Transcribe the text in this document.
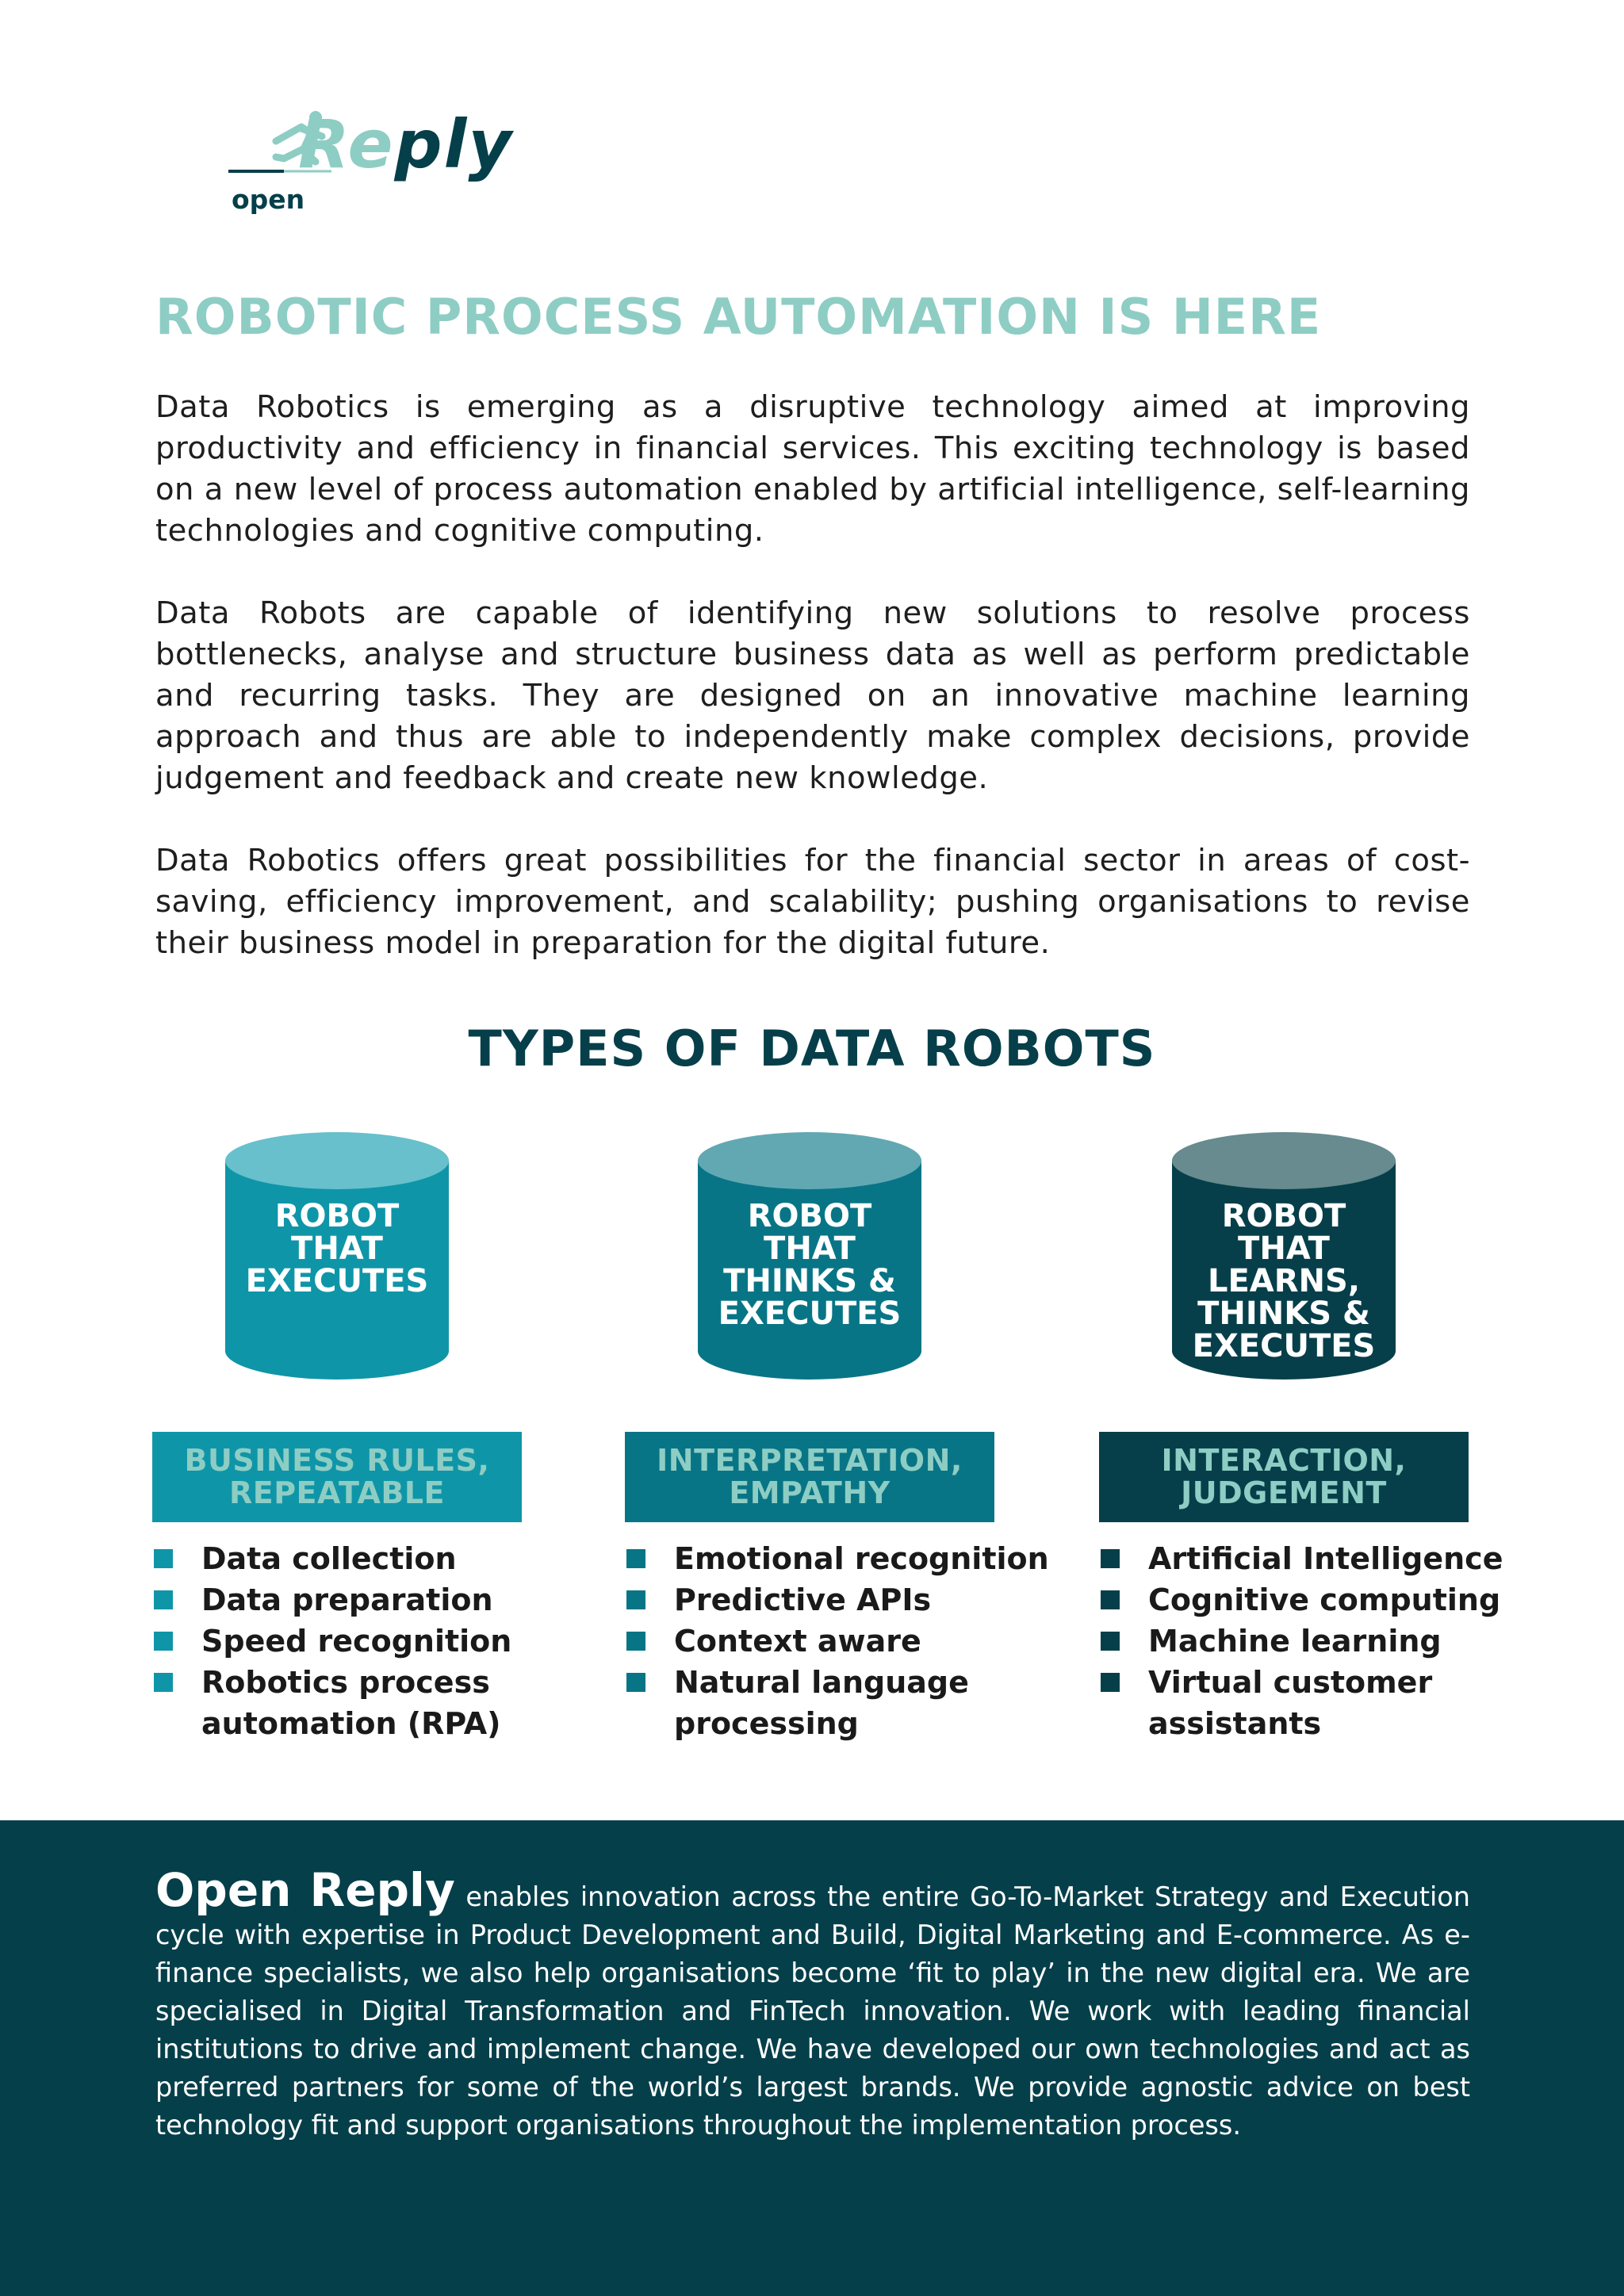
Reply
open
ROBOTIC PROCESS AUTOMATION IS HERE

Data Robotics is emerging as a disruptive technology aimed at improving productivity and efficiency in financial services. This exciting technology is based on a new level of process automation enabled by artificial intelligence, self-learning technologies and cognitive computing.

Data Robots are capable of identifying new solutions to resolve process bottlenecks, analyse and structure business data as well as perform predictable and recurring tasks. They are designed on an innovative machine learning approach and thus are able to independently make complex decisions, provide judgement and feedback and create new knowledge.

Data Robotics offers great possibilities for the financial sector in areas of cost-saving, efficiency improvement, and scalability; pushing organisations to revise their business model in preparation for the digital future.

TYPES OF DATA ROBOTS
ROBOT
THAT
EXECUTES
BUSINESS RULES,
REPEATABLE
Data collection
Data preparation
Speed recognition
Robotics process
automation (RPA)
ROBOT
THAT
THINKS &
EXECUTES
INTERPRETATION,
EMPATHY
Emotional recognition
Predictive APIs
Context aware
Natural language
processing
ROBOT
THAT
LEARNS,
THINKS &
EXECUTES
INTERACTION,
JUDGEMENT
Artificial Intelligence
Cognitive computing
Machine learning
Virtual customer
assistants

Open Reply enables innovation across the entire Go-To-Market Strategy and Execution cycle with expertise in Product Development and Build, Digital Marketing and E-commerce. As e-finance specialists, we also help organisations become ‘fit to play’ in the new digital era. We are specialised in Digital Transformation and FinTech innovation. We work with leading financial institutions to drive and implement change. We have developed our own technologies and act as preferred partners for some of the world’s largest brands. We provide agnostic advice on best technology fit and support organisations throughout the implementation process.
